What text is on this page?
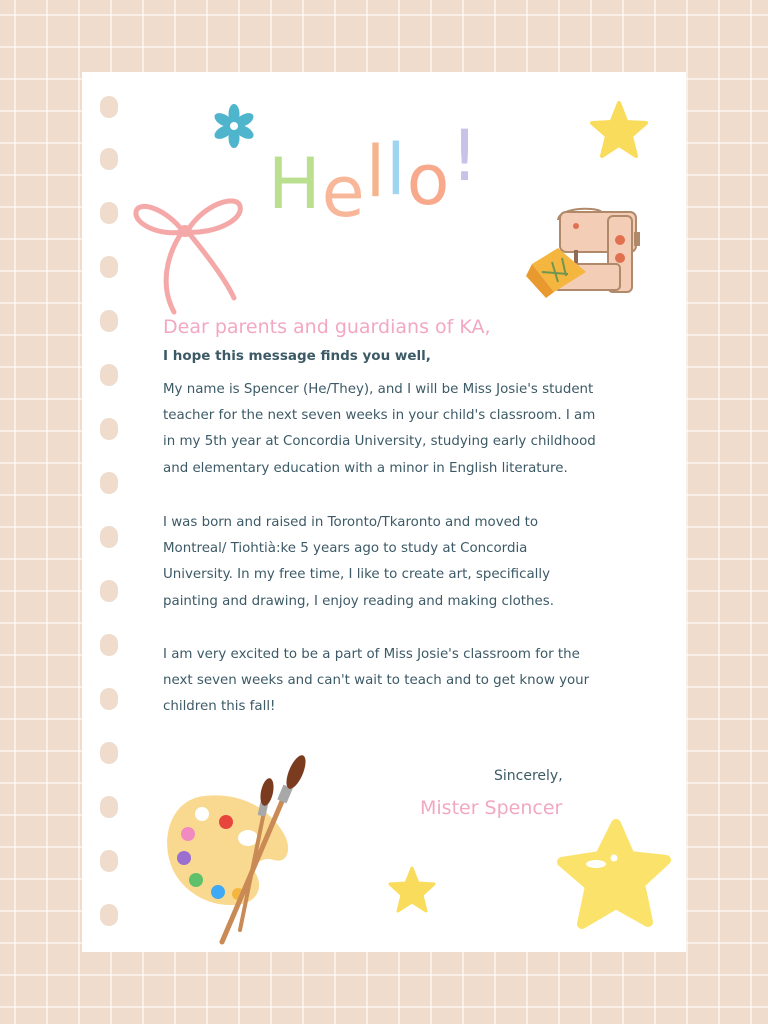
Hello!
Dear parents and guardians of KA,
I hope this message finds you well,

My name is Spencer (He/They), and I will be Miss Josie's student
teacher for the next seven weeks in your child's classroom. I am
in my 5th year at Concordia University, studying early childhood
and elementary education with a minor in English literature.

I was born and raised in Toronto/Tkaronto and moved to
Montreal/ Tiohtià:ke 5 years ago to study at Concordia
University. In my free time, I like to create art, specifically
painting and drawing, I enjoy reading and making clothes.

I am very excited to be a part of Miss Josie's classroom for the
next seven weeks and can't wait to teach and to get know your
children this fall!

Sincerely,
Mister Spencer
